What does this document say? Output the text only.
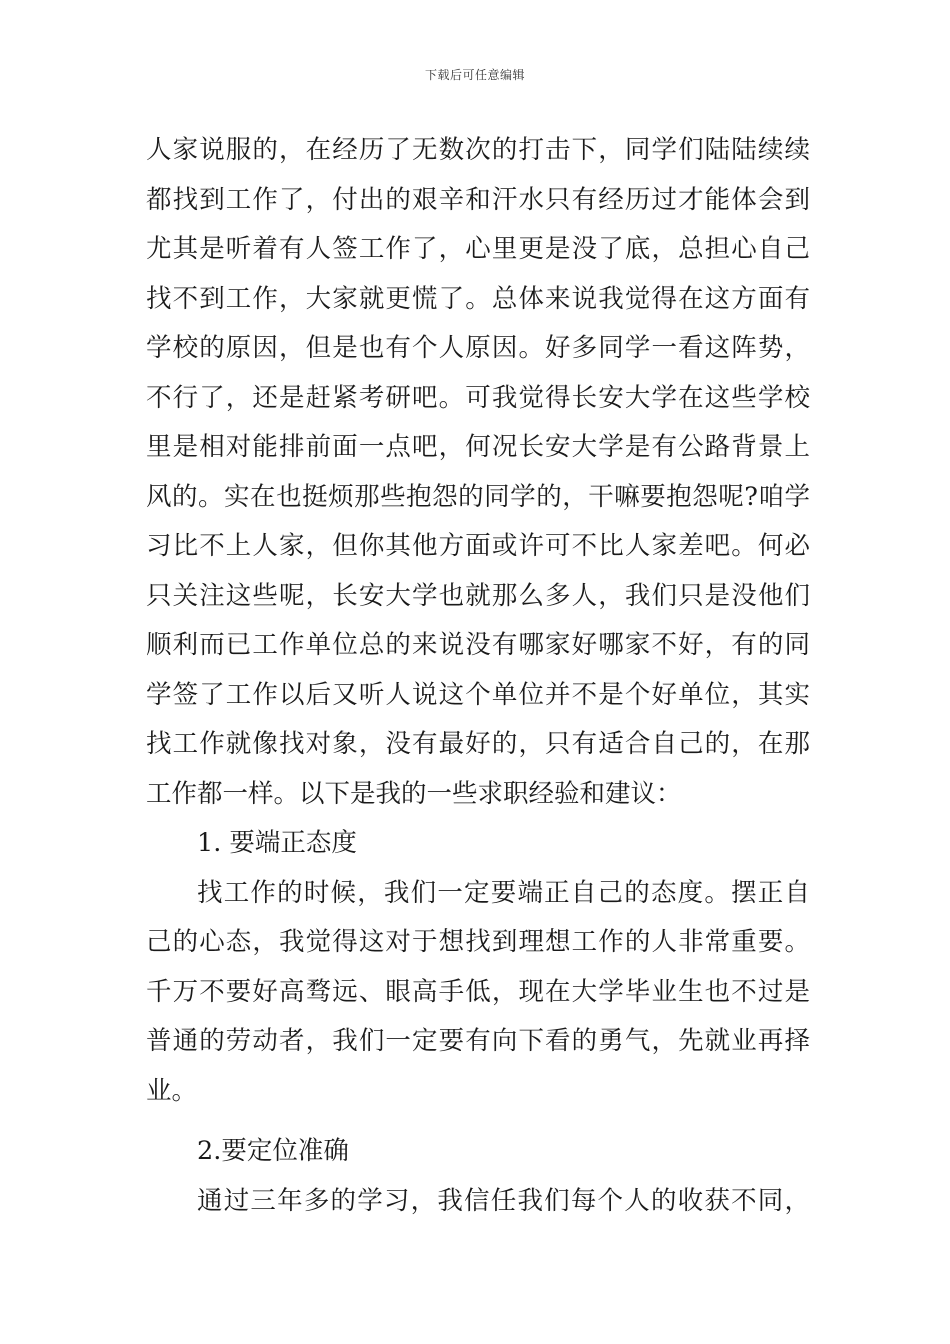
下载后可任意编辑
人家说服的，在经历了无数次的打击下，同学们陆陆续续
都找到工作了，付出的艰辛和汗水只有经历过才能体会到
尤其是听着有人签工作了，心里更是没了底，总担心自己
找不到工作，大家就更慌了。总体来说我觉得在这方面有
学校的原因，但是也有个人原因。好多同学一看这阵势，
不行了，还是赶紧考研吧。可我觉得长安大学在这些学校
里是相对能排前面一点吧，何况长安大学是有公路背景上
风的。实在也挺烦那些抱怨的同学的，干嘛要抱怨呢?咱学
习比不上人家，但你其他方面或许可不比人家差吧。何必
只关注这些呢，长安大学也就那么多人，我们只是没他们
顺利而已工作单位总的来说没有哪家好哪家不好，有的同
学签了工作以后又听人说这个单位并不是个好单位，其实
找工作就像找对象，没有最好的，只有适合自己的，在那
工作都一样。以下是我的一些求职经验和建议：
1. 要端正态度
找工作的时候，我们一定要端正自己的态度。摆正自
己的心态，我觉得这对于想找到理想工作的人非常重要。
千万不要好高骛远、眼高手低，现在大学毕业生也不过是
普通的劳动者，我们一定要有向下看的勇气，先就业再择
业。
2.要定位准确
通过三年多的学习，我信任我们每个人的收获不同，
